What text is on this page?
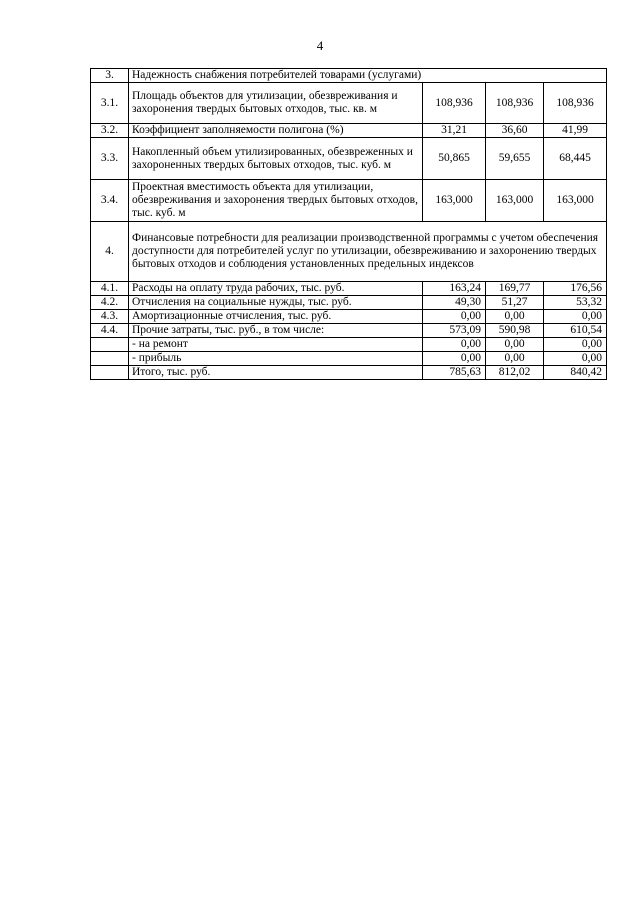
4
3.	Надежность снабжения потребителей товарами (услугами)			
3.1.	Площадь объектов для утилизации, обезвреживания и захоронения твердых бытовых отходов, тыс. кв. м	108,936	108,936	108,936
3.2.	Коэффициент заполняемости полигона (%)	31,21	36,60	41,99
3.3.	Накопленный объем утилизированных, обезвреженных и захороненных твердых бытовых отходов, тыс. куб. м	50,865	59,655	68,445
3.4.	Проектная вместимость объекта для утилизации, обезвреживания и захоронения твердых бытовых отходов, тыс. куб. м	163,000	163,000	163,000
4.	Финансовые потребности для реализации производственной программы с учетом обеспечения доступности для потребителей услуг по утилизации, обезвреживанию и захоронению твердых бытовых отходов и соблюдения установленных предельных индексов			
4.1.	Расходы на оплату труда рабочих, тыс. руб.	163,24	169,77	176,56
4.2.	Отчисления на социальные нужды, тыс. руб.	49,30	51,27	53,32
4.3.	Амортизационные отчисления, тыс. руб.	0,00	0,00	0,00
4.4.	Прочие затраты, тыс. руб., в том числе:	573,09	590,98	610,54
	- на ремонт	0,00	0,00	0,00
	- прибыль	0,00	0,00	0,00
	Итого, тыс. руб.	785,63	812,02	840,42
